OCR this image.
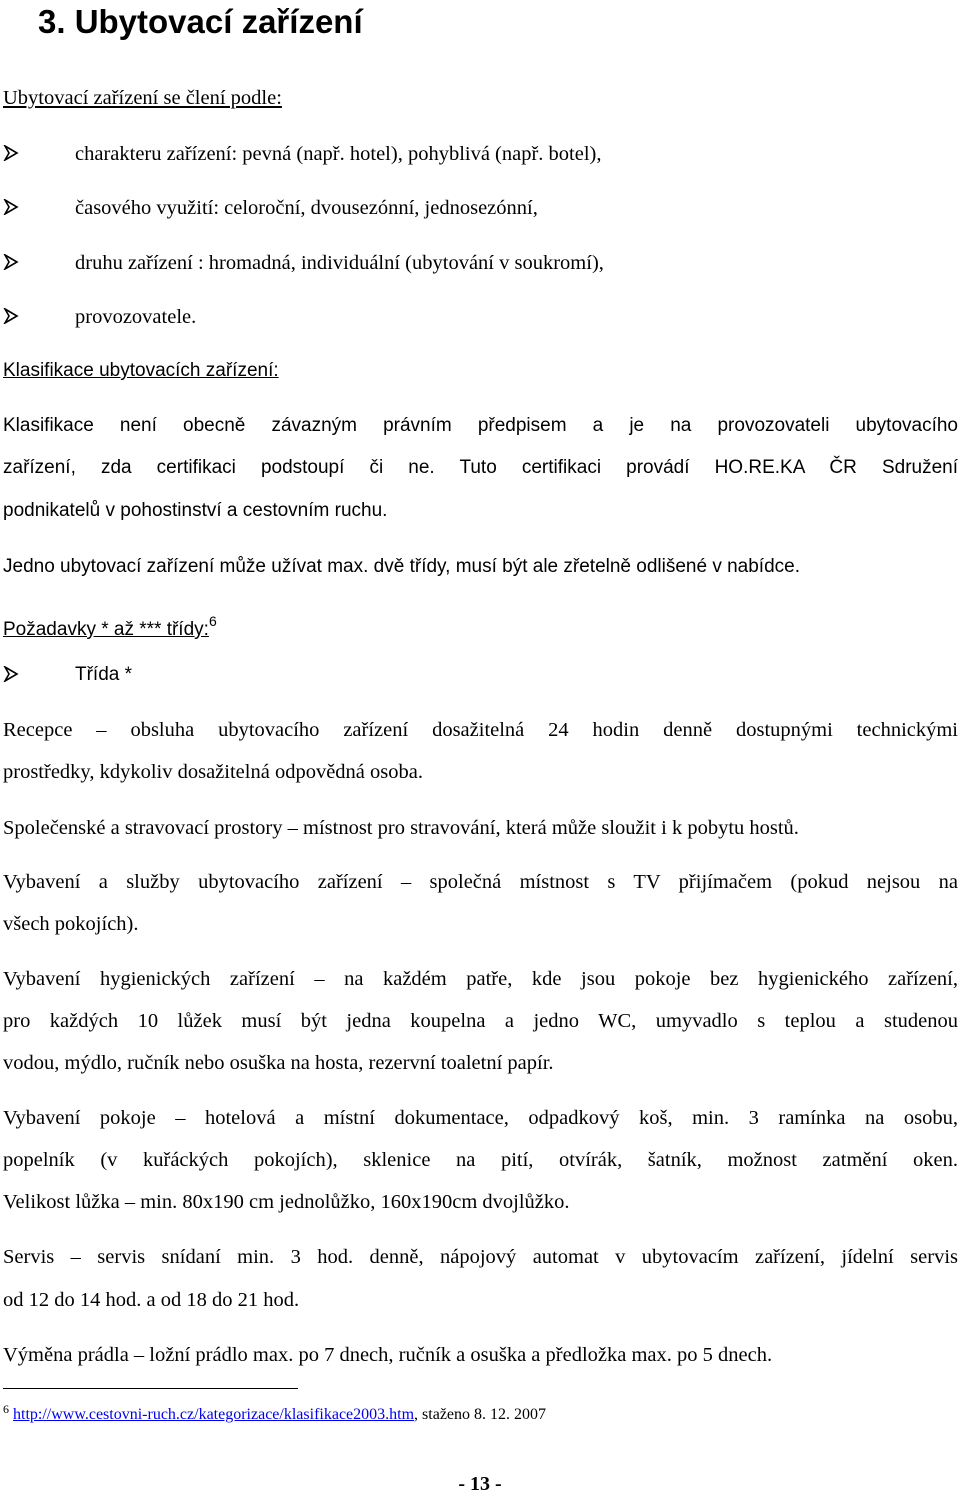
3. Ubytovací zařízení
Ubytovací zařízení se člení podle:
charakteru zařízení: pevná (např. hotel), pohyblivá (např. botel),
časového využití: celoroční, dvousezónní, jednosezónní,
druhu zařízení : hromadná, individuální (ubytování v soukromí),
provozovatele.
Klasifikace ubytovacích zařízení:
Klasifikace není obecně závazným právním předpisem a je na provozovateli ubytovacího
zařízení, zda certifikaci podstoupí či ne. Tuto certifikaci provádí HO.RE.KA ČR Sdružení
podnikatelů v pohostinství a cestovním ruchu.
Jedno ubytovací zařízení může užívat max. dvě třídy, musí být ale zřetelně odlišené v nabídce.
Požadavky * až *** třídy:$^6$
Třída *
Recepce – obsluha ubytovacího zařízení dosažitelná 24 hodin denně dostupnými technickými
prostředky, kdykoliv dosažitelná odpovědná osoba.
Společenské a stravovací prostory – místnost pro stravování, která může sloužit i k pobytu hostů.
Vybavení a služby ubytovacího zařízení – společná místnost s TV přijímačem (pokud nejsou na
všech pokojích).
Vybavení hygienických zařízení – na každém patře, kde jsou pokoje bez hygienického zařízení,
pro každých 10 lůžek musí být jedna koupelna a jedno WC, umyvadlo s teplou a studenou
vodou, mýdlo, ručník nebo osuška na hosta, rezervní toaletní papír.
Vybavení pokoje – hotelová a místní dokumentace, odpadkový koš, min. 3 ramínka na osobu,
popelník (v kuřáckých pokojích), sklenice na pití, otvírák, šatník, možnost zatmění oken.
Velikost lůžka – min. 80x190 cm jednolůžko, 160x190cm dvojlůžko.
Servis – servis snídaní min. 3 hod. denně, nápojový automat v ubytovacím zařízení, jídelní servis
od 12 do 14 hod. a od 18 do 21 hod.
Výměna prádla – ložní prádlo max. po 7 dnech, ručník a osuška a předložka max. po 5 dnech.
$^6$ http://www.cestovni-ruch.cz/kategorizace/klasifikace2003.htm, staženo 8. 12. 2007
- 13 -
